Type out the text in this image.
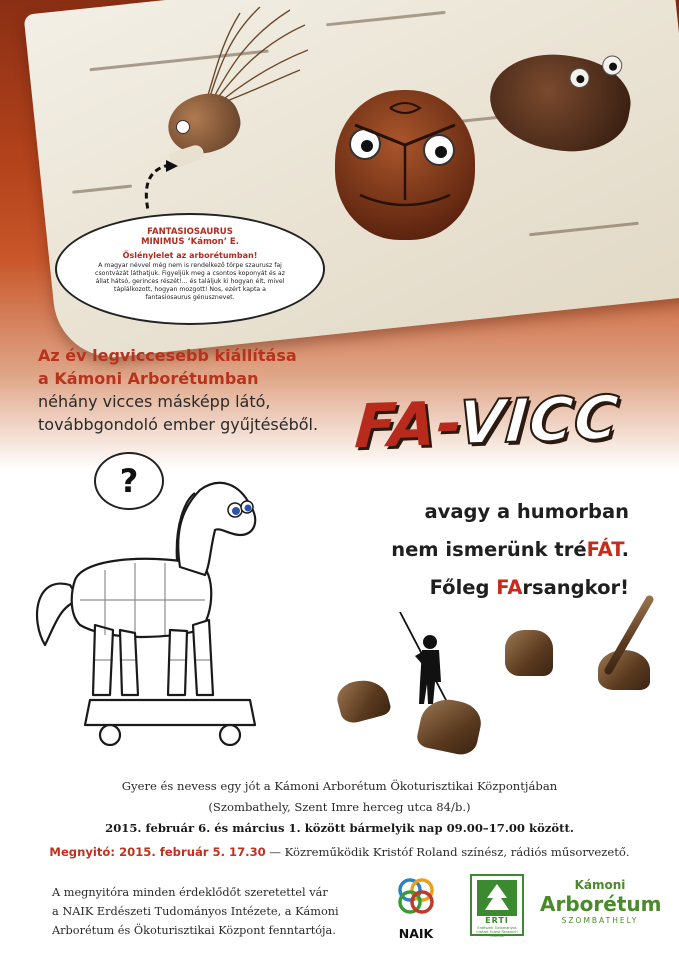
FANTASIOSAURUS
MINIMUS ‘Kámon’ E.
Őslénylelet az arborétumban!
A magyar névvel még nem is rendelkező törpe szaurusz faj csontvázát láthatjuk. Figyeljük meg a csontos koponyát és az állat hátsó, gerinces részét!... és találjuk ki hogyan élt, mivel táplálkozott, hogyan mozgott! Nos, ezért kapta a fantasiosaurus génusznevet.
Az év legviccesebb kiállítása
a Kámoni Arborétumban
néhány vicces másképp látó,
továbbgondoló ember gyűjtéséből. FA-VICC
avagy a humorban
nem ismerünk tréFÁT.
Főleg FArsangkor!
?
Gyere és nevess egy jót a Kámoni Arborétum Ökoturisztikai Központjában
(Szombathely, Szent Imre herceg utca 84/b.)
2015. február 6. és március 1. között bármelyik nap 09.00–17.00 között.
Megnyitó: 2015. február 5. 17.30 — Közreműködik Kristóf Roland színész, rádiós műsorvezető.
A megnyitóra minden érdeklődőt szeretettel vár
a NAIK Erdészeti Tudományos Intézete, a Kámoni
Arborétum és Ökoturisztikai Központ fenntartója.	NAIK
ERTI
Erdészeti Tudományos Intézet Forest Research Institute
Kámoni
Arborétum
SZOMBATHELY
